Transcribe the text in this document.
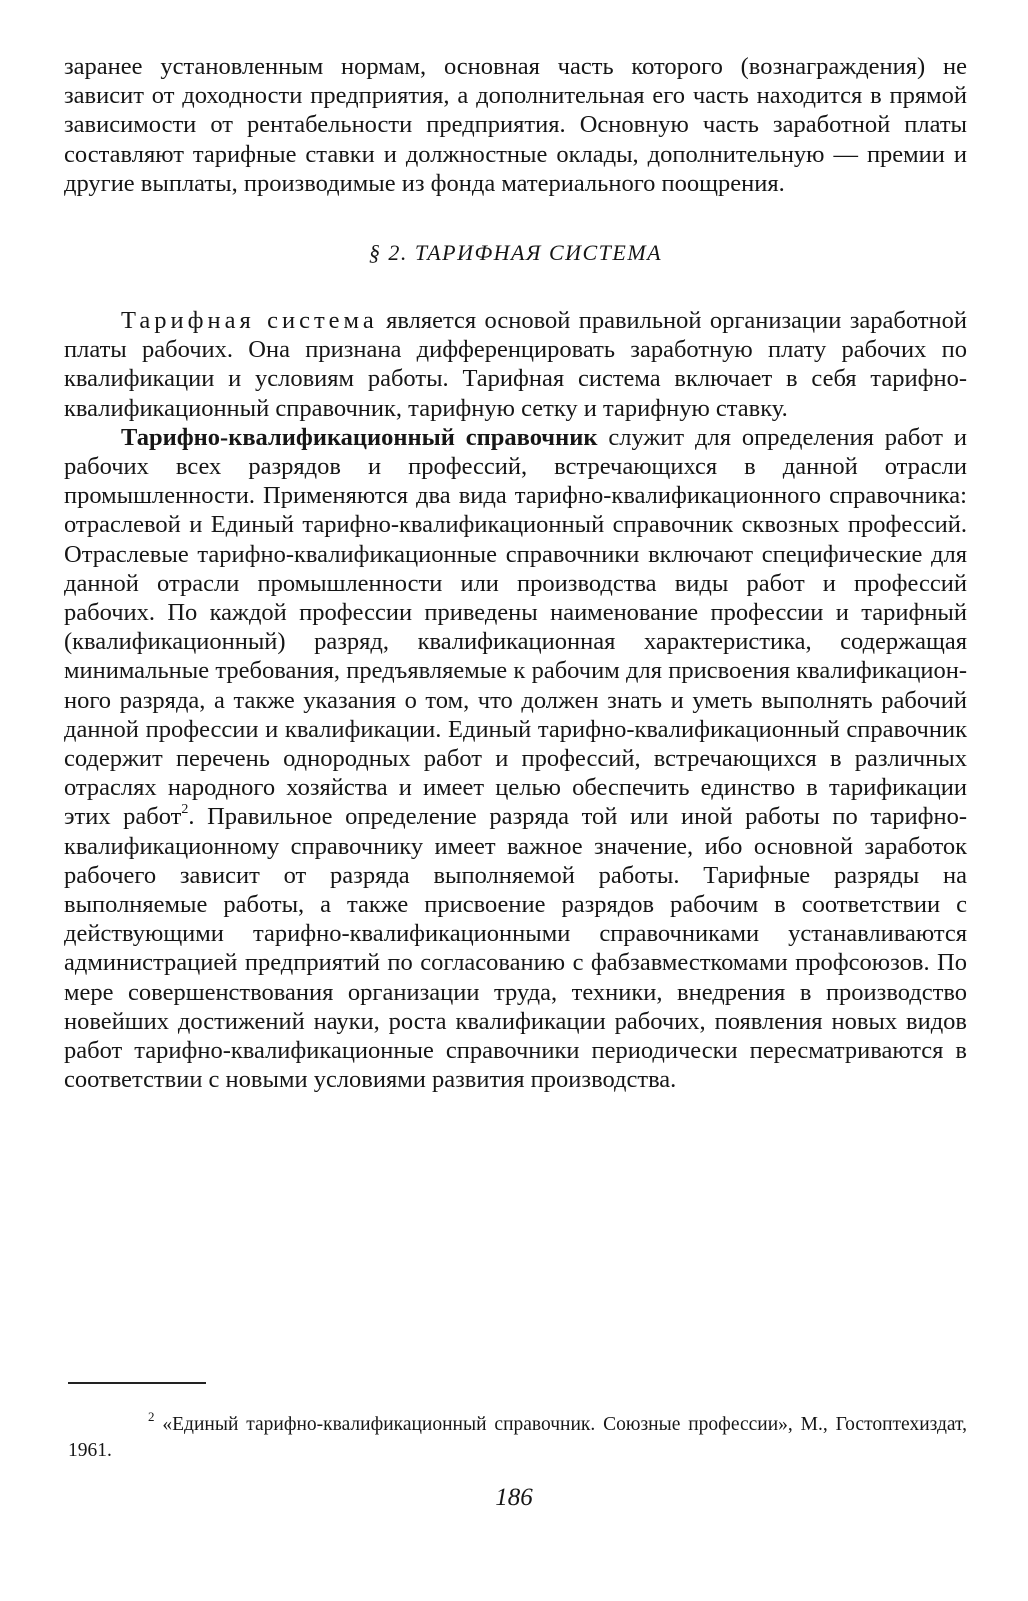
заранее установленным нормам, основная часть которого (вознаграждения) не зависит от доходности предприятия, а дополнительная его часть находится в прямой зависимости от рентабельности предприятия. Основную часть заработной платы составляют тарифные ставки и должностные оклады, дополнительную — премии и другие выплаты, производимые из фонда материального поощрения.

§ 2. ТАРИФНАЯ СИСТЕМА

Тарифная система является основой правильной организации заработной платы рабочих. Она признана дифференцировать заработную плату рабочих по квалификации и условиям работы. Тарифная система включает в себя тарифно-квалификационный справочник, тарифную сетку и тарифную ставку.

Тарифно-квалификационный справочник служит для определения работ и рабочих всех разрядов и профессий, встречающихся в данной отрасли промышленности. Применяются два вида тарифно-квалификационного справочника: отраслевой и Единый тарифно-квалификационный справочник сквозных профессий. Отраслевые тарифно-квалификационные справочники включают специфические для данной отрасли промышленности или производства виды работ и профессий рабочих. По каждой профессии приведены наименование профессии и тарифный (квалификационный) разряд, квалификационная характеристика, содержащая минимальные требования, предъявляемые к рабочим для присвоения квалификационного разряда, а также указания о том, что должен знать и уметь выполнять рабочий данной профессии и квалификации. Единый тарифно-квалификационный справочник содержит перечень однородных работ и профессий, встречающихся в различных отраслях народного хозяйства и имеет целью обеспечить единство в тарификации этих работ$^2$. Правильное определение разряда той или иной работы по тарифно-квалификационному справочнику имеет важное значение, ибо основной заработок рабочего зависит от разряда выполняемой работы. Тарифные разряды на выполняемые работы, а также присвоение разрядов рабочим в соответствии с действующими тарифно-квалификационными справочниками устанавливаются администрацией предприятий по согласованию с фабзавместкомами профсоюзов. По мере совершенствования организации труда, техники, внедрения в производство новейших достижений науки, роста квалификации рабочих, появления новых видов работ тарифно-квалификационные справочники периодически пересматриваются в соответствии с новыми условиями развития производства.

$^2$ «Единый тарифно-квалификационный справочник. Союзные профессии», М., Гостоптехиздат, 1961.

186
